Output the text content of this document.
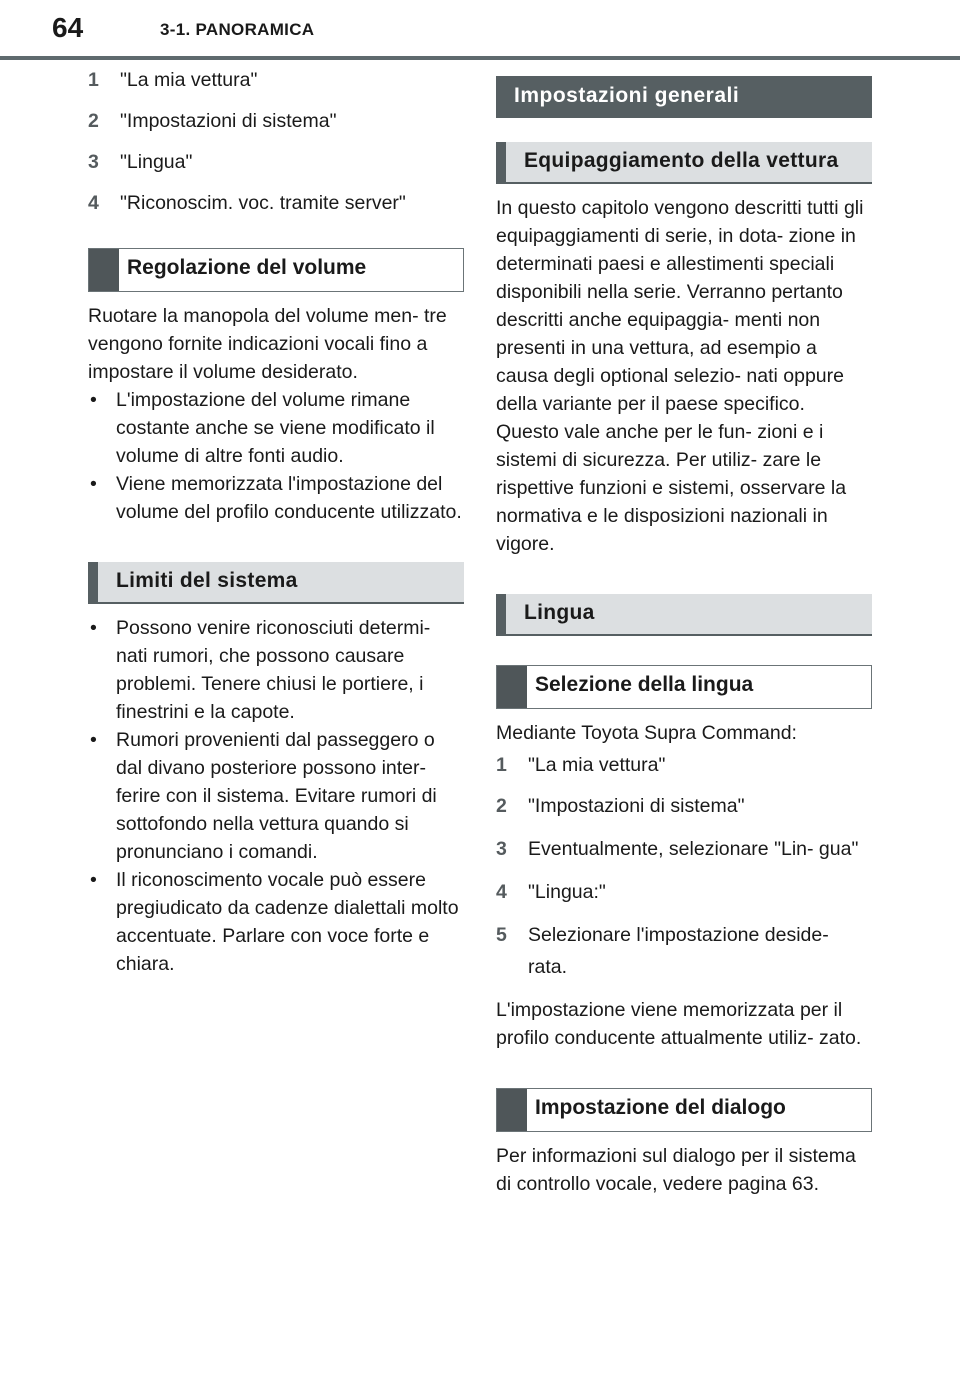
64	3-1. PANORAMICA
1	"La mia vettura"
2	"Impostazioni di sistema"
3	"Lingua"
4	"Riconoscim. voc. tramite server"
Regolazione del volume

Ruotare la manopola del volume men- tre vengono fornite indicazioni vocali fino a impostare il volume desiderato.

• L'impostazione del volume rimane costante anche se viene modificato il volume di altre fonti audio.
• Viene memorizzata l'impostazione del volume del profilo conducente utilizzato.
Limiti del sistema
• Possono venire riconosciuti determi- nati rumori, che possono causare problemi. Tenere chiusi le portiere, i finestrini e la capote.
• Rumori provenienti dal passeggero o dal divano posteriore possono inter- ferire con il sistema. Evitare rumori di sottofondo nella vettura quando si pronunciano i comandi.
• Il riconoscimento vocale può essere pregiudicato da cadenze dialettali molto accentuate. Parlare con voce forte e chiara.
Impostazioni generali
Equipaggiamento della vettura

In questo capitolo vengono descritti tutti gli equipaggiamenti di serie, in dota- zione in determinati paesi e allestimenti speciali disponibili nella serie. Verranno pertanto descritti anche equipaggia- menti non presenti in una vettura, ad esempio a causa degli optional selezio- nati oppure della variante per il paese specifico. Questo vale anche per le fun- zioni e i sistemi di sicurezza. Per utiliz- zare le rispettive funzioni e sistemi, osservare la normativa e le disposizioni nazionali in vigore.

Lingua
Selezione della lingua

Mediante Toyota Supra Command:

1	"La mia vettura"
2	"Impostazioni di sistema"
3	Eventualmente, selezionare "Lin- gua"
4	"Lingua:"
5	Selezionare l'impostazione deside- rata.

L'impostazione viene memorizzata per il profilo conducente attualmente utiliz- zato.

Impostazione del dialogo

Per informazioni sul dialogo per il sistema di controllo vocale, vedere pagina 63.
